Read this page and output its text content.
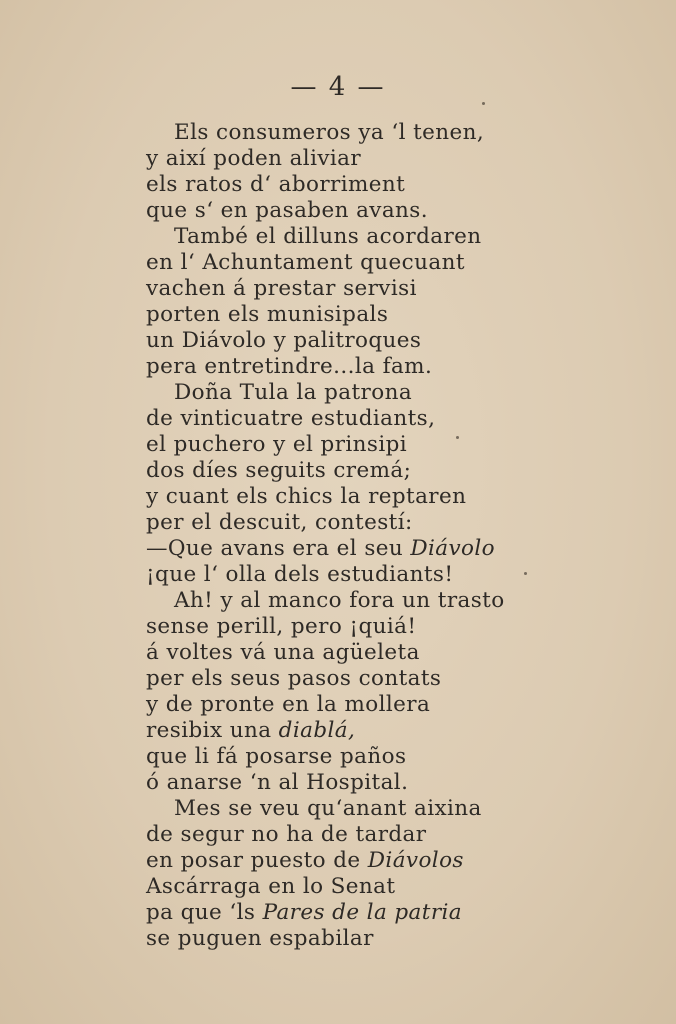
— 4 —
Els consumeros ya ‘l tenen,
y així poden aliviar
els ratos d‘ aborriment
que s‘ en pasaben avans.
També el dilluns acordaren
en l‘ Achuntament quecuant
vachen á prestar servisi
porten els munisipals
un Diávolo y palitroques
pera entretindre...la fam.
Doña Tula la patrona
de vinticuatre estudiants,
el puchero y el prinsipi
dos díes seguits cremá;
y cuant els chics la reptaren
per el descuit, contestí:
—Que avans era el seu Diávolo
¡que l‘ olla dels estudiants!
Ah! y al manco fora un trasto
sense perill, pero ¡quiá!
á voltes vá una agüeleta
per els seus pasos contats
y de pronte en la mollera
resibix una diablá,
que li fá posarse paños
ó anarse ‘n al Hospital.
Mes se veu qu‘anant aixina
de segur no ha de tardar
en posar puesto de Diávolos
Ascárraga en lo Senat
pa que ‘ls Pares de la patria
se puguen espabilar
